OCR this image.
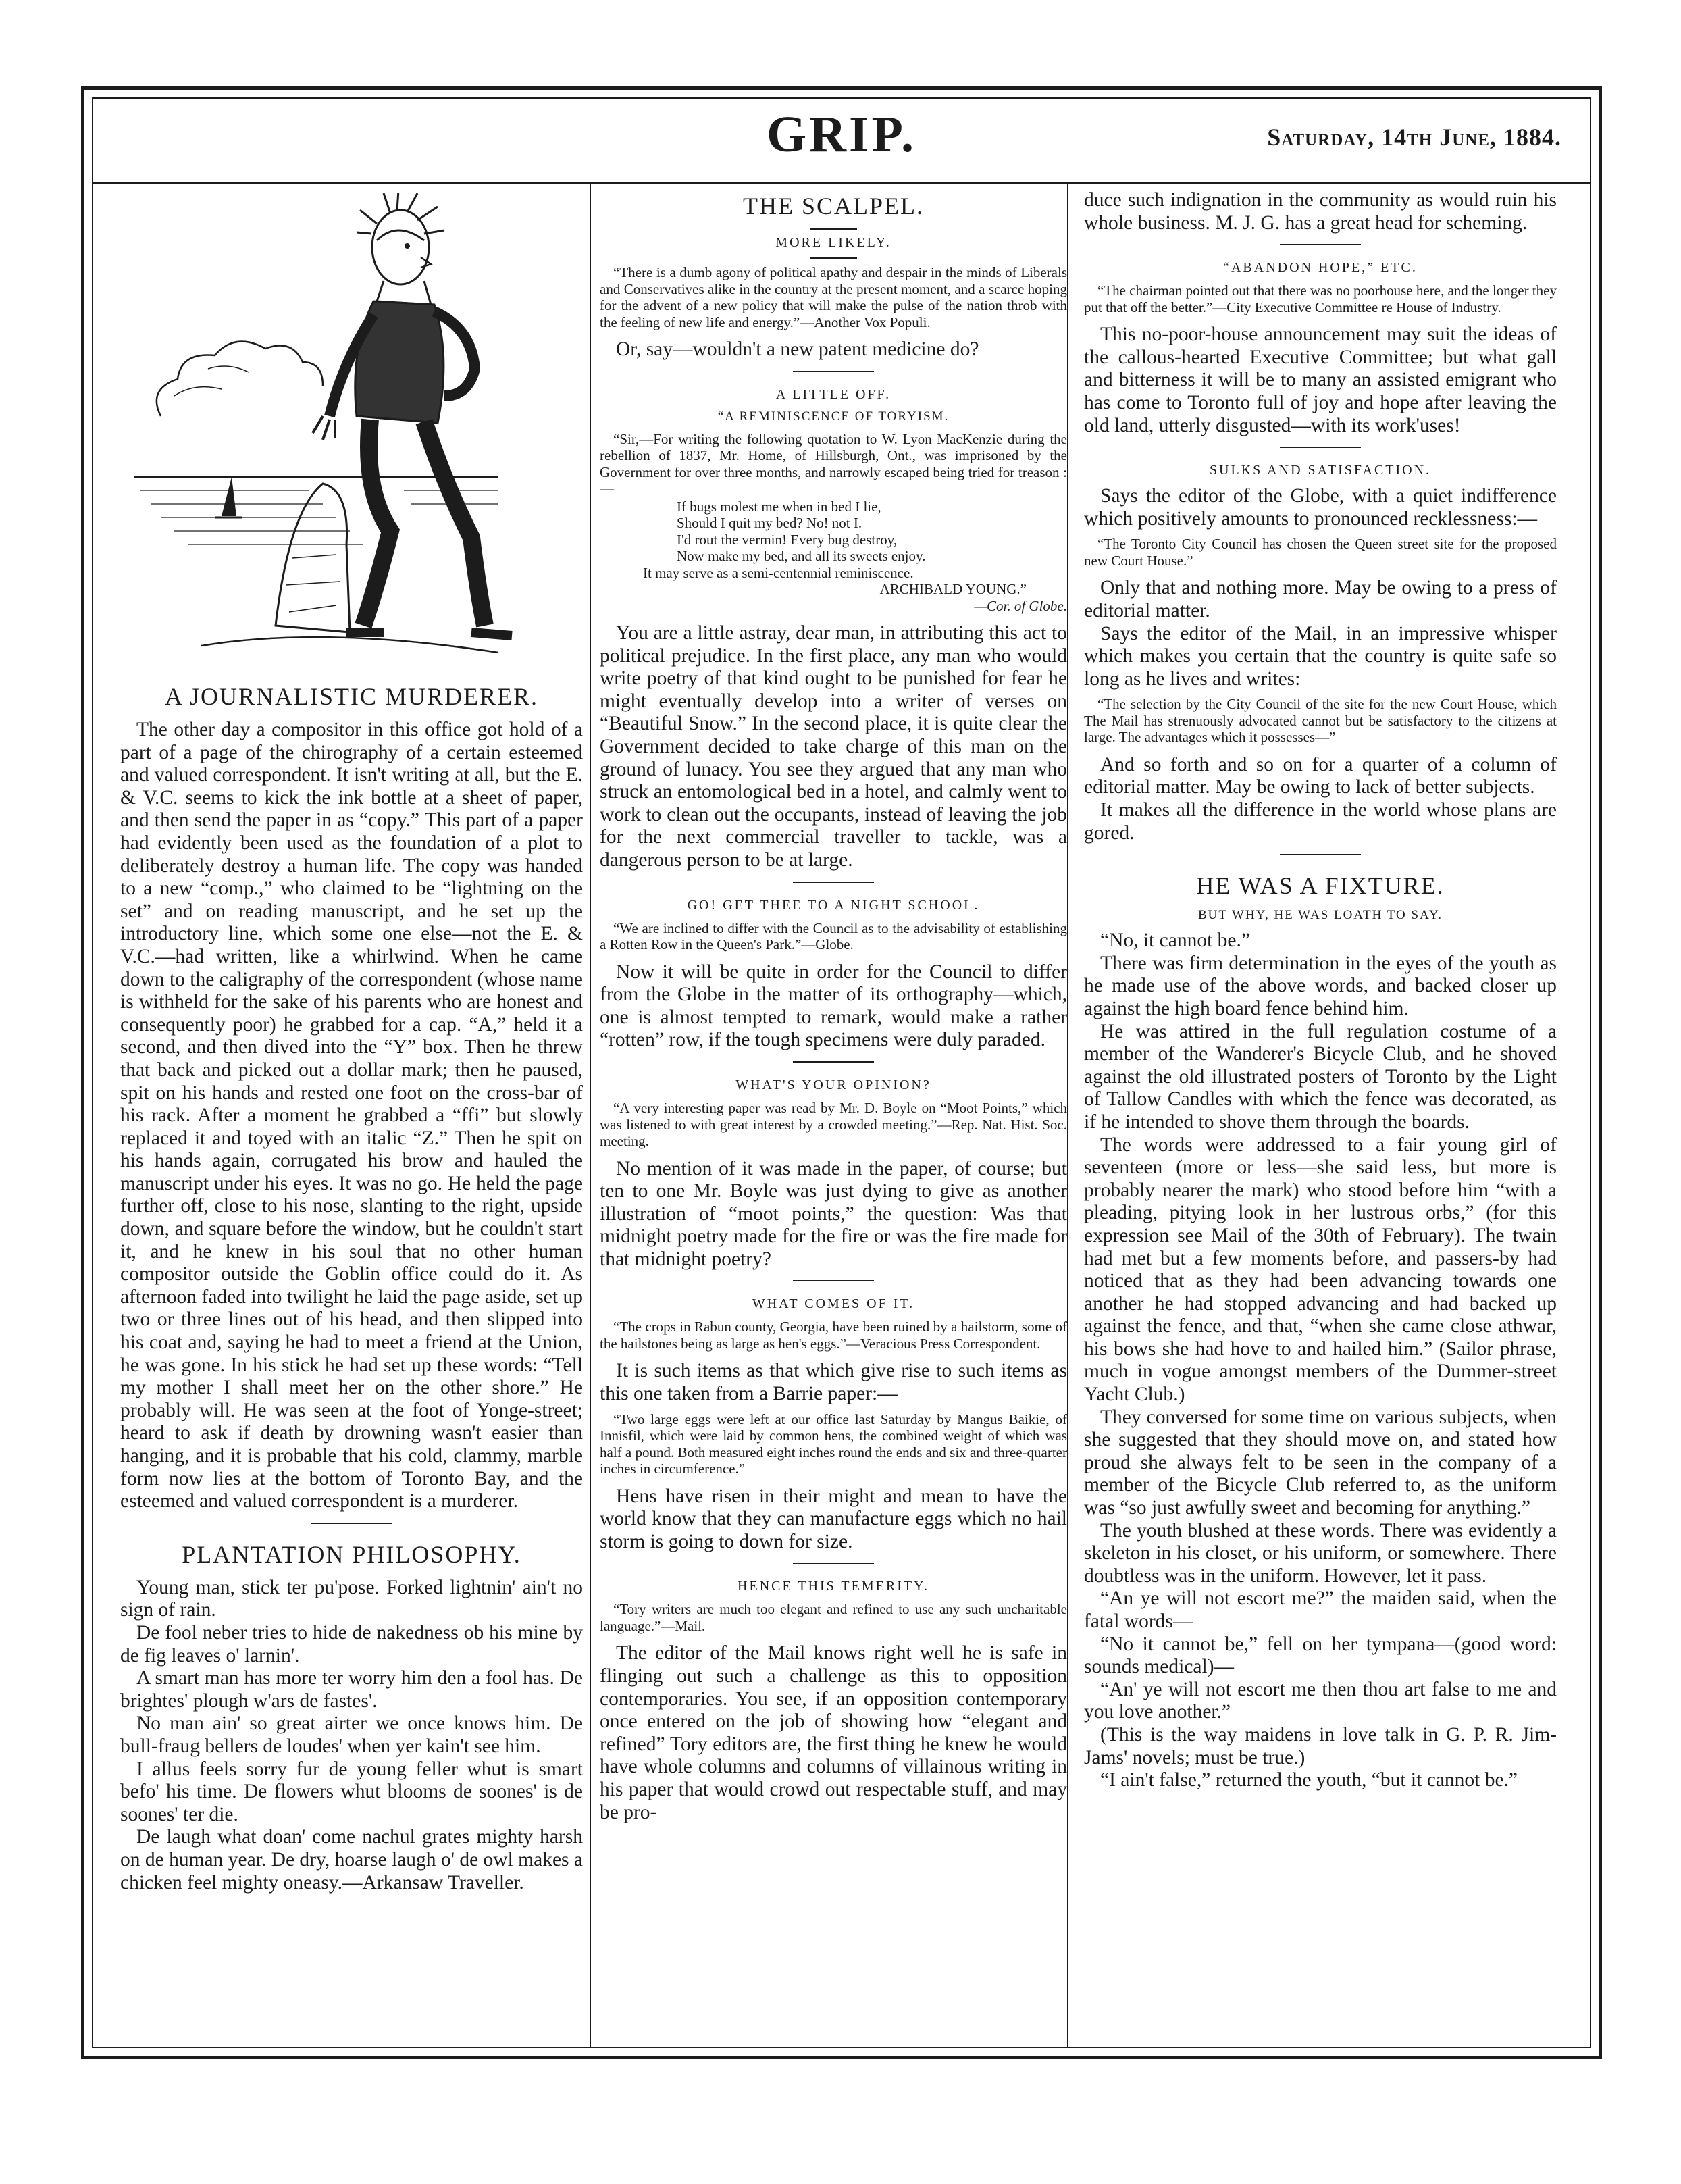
GRIP.	Saturday, 14th June, 1884.
A JOURNALISTIC MURDERER.

The other day a compositor in this office got hold of a part of a page of the chirography of a certain esteemed and valued correspondent. It isn't writing at all, but the E. & V.C. seems to kick the ink bottle at a sheet of paper, and then send the paper in as “copy.” This part of a paper had evidently been used as the foundation of a plot to deliberately destroy a human life. The copy was handed to a new “comp.,” who claimed to be “lightning on the set” and on reading manuscript, and he set up the introductory line, which some one else—not the E. & V.C.—had written, like a whirlwind. When he came down to the caligraphy of the correspondent (whose name is withheld for the sake of his parents who are honest and consequently poor) he grabbed for a cap. “A,” held it a second, and then dived into the “Y” box. Then he threw that back and picked out a dollar mark; then he paused, spit on his hands and rested one foot on the cross-bar of his rack. After a moment he grabbed a “ffi” but slowly replaced it and toyed with an italic “Z.” Then he spit on his hands again, corrugated his brow and hauled the manuscript under his eyes. It was no go. He held the page further off, close to his nose, slanting to the right, upside down, and square before the window, but he couldn't start it, and he knew in his soul that no other human compositor outside the Goblin office could do it. As afternoon faded into twilight he laid the page aside, set up two or three lines out of his head, and then slipped into his coat and, saying he had to meet a friend at the Union, he was gone. In his stick he had set up these words: “Tell my mother I shall meet her on the other shore.” He probably will. He was seen at the foot of Yonge-street; heard to ask if death by drowning wasn't easier than hanging, and it is probable that his cold, clammy, marble form now lies at the bottom of Toronto Bay, and the esteemed and valued correspondent is a murderer.

PLANTATION PHILOSOPHY.

Young man, stick ter pu'pose. Forked lightnin' ain't no sign of rain.

De fool neber tries to hide de nakedness ob his mine by de fig leaves o' larnin'.

A smart man has more ter worry him den a fool has. De brightes' plough w'ars de fastes'.

No man ain' so great airter we once knows him. De bull-fraug bellers de loudes' when yer kain't see him.

I allus feels sorry fur de young feller whut is smart befo' his time. De flowers whut blooms de soones' is de soones' ter die.

De laugh what doan' come nachul grates mighty harsh on de human year. De dry, hoarse laugh o' de owl makes a chicken feel mighty oneasy.—Arkansaw Traveller.

THE SCALPEL.
MORE LIKELY.

“There is a dumb agony of political apathy and despair in the minds of Liberals and Conservatives alike in the country at the present moment, and a scarce hoping for the advent of a new policy that will make the pulse of the nation throb with the feeling of new life and energy.”—Another Vox Populi.

Or, say—wouldn't a new patent medicine do?

A LITTLE OFF.
“A REMINISCENCE OF TORYISM.

“Sir,—For writing the following quotation to W. Lyon MacKenzie during the rebellion of 1837, Mr. Home, of Hillsburgh, Ont., was imprisoned by the Government for over three months, and narrowly escaped being tried for treason :—

If bugs molest me when in bed I lie,

Should I quit my bed? No! not I.

I'd rout the vermin! Every bug destroy,

Now make my bed, and all its sweets enjoy.

It may serve as a semi-centennial reminiscence.

ARCHIBALD YOUNG.”

—Cor. of Globe.

You are a little astray, dear man, in attributing this act to political prejudice. In the first place, any man who would write poetry of that kind ought to be punished for fear he might eventually develop into a writer of verses on “Beautiful Snow.” In the second place, it is quite clear the Government decided to take charge of this man on the ground of lunacy. You see they argued that any man who struck an entomological bed in a hotel, and calmly went to work to clean out the occupants, instead of leaving the job for the next commercial traveller to tackle, was a dangerous person to be at large.

GO! GET THEE TO A NIGHT SCHOOL.

“We are inclined to differ with the Council as to the advisability of establishing a Rotten Row in the Queen's Park.”—Globe.

Now it will be quite in order for the Council to differ from the Globe in the matter of its orthography—which, one is almost tempted to remark, would make a rather “rotten” row, if the tough specimens were duly paraded.

WHAT'S YOUR OPINION?

“A very interesting paper was read by Mr. D. Boyle on “Moot Points,” which was listened to with great interest by a crowded meeting.”—Rep. Nat. Hist. Soc. meeting.

No mention of it was made in the paper, of course; but ten to one Mr. Boyle was just dying to give as another illustration of “moot points,” the question: Was that midnight poetry made for the fire or was the fire made for that midnight poetry?

WHAT COMES OF IT.

“The crops in Rabun county, Georgia, have been ruined by a hailstorm, some of the hailstones being as large as hen's eggs.”—Veracious Press Correspondent.

It is such items as that which give rise to such items as this one taken from a Barrie paper:—

“Two large eggs were left at our office last Saturday by Mangus Baikie, of Innisfil, which were laid by common hens, the combined weight of which was half a pound. Both measured eight inches round the ends and six and three-quarter inches in circumference.”

Hens have risen in their might and mean to have the world know that they can manufacture eggs which no hail storm is going to down for size.

HENCE THIS TEMERITY.

“Tory writers are much too elegant and refined to use any such uncharitable language.”—Mail.

The editor of the Mail knows right well he is safe in flinging out such a challenge as this to opposition contemporaries. You see, if an opposition contemporary once entered on the job of showing how “elegant and refined” Tory editors are, the first thing he knew he would have whole columns and columns of villainous writing in his paper that would crowd out respectable stuff, and may be pro-

duce such indignation in the community as would ruin his whole business. M. J. G. has a great head for scheming.

“ABANDON HOPE,” ETC.

“The chairman pointed out that there was no poorhouse here, and the longer they put that off the better.”—City Executive Committee re House of Industry.

This no-poor-house announcement may suit the ideas of the callous-hearted Executive Committee; but what gall and bitterness it will be to many an assisted emigrant who has come to Toronto full of joy and hope after leaving the old land, utterly disgusted—with its work'uses!

SULKS AND SATISFACTION.

Says the editor of the Globe, with a quiet indifference which positively amounts to pronounced recklessness:—

“The Toronto City Council has chosen the Queen street site for the proposed new Court House.”

Only that and nothing more. May be owing to a press of editorial matter.

Says the editor of the Mail, in an impressive whisper which makes you certain that the country is quite safe so long as he lives and writes:

“The selection by the City Council of the site for the new Court House, which The Mail has strenuously advocated cannot but be satisfactory to the citizens at large. The advantages which it possesses—”

And so forth and so on for a quarter of a column of editorial matter. May be owing to lack of better subjects.

It makes all the difference in the world whose plans are gored.

HE WAS A FIXTURE.
BUT WHY, HE WAS LOATH TO SAY.

“No, it cannot be.”

There was firm determination in the eyes of the youth as he made use of the above words, and backed closer up against the high board fence behind him.

He was attired in the full regulation costume of a member of the Wanderer's Bicycle Club, and he shoved against the old illustrated posters of Toronto by the Light of Tallow Candles with which the fence was decorated, as if he intended to shove them through the boards.

The words were addressed to a fair young girl of seventeen (more or less—she said less, but more is probably nearer the mark) who stood before him “with a pleading, pitying look in her lustrous orbs,” (for this expression see Mail of the 30th of February). The twain had met but a few moments before, and passers-by had noticed that as they had been advancing towards one another he had stopped advancing and had backed up against the fence, and that, “when she came close athwar, his bows she had hove to and hailed him.” (Sailor phrase, much in vogue amongst members of the Dummer-street Yacht Club.)

They conversed for some time on various subjects, when she suggested that they should move on, and stated how proud she always felt to be seen in the company of a member of the Bicycle Club referred to, as the uniform was “so just awfully sweet and becoming for anything.”

The youth blushed at these words. There was evidently a skeleton in his closet, or his uniform, or somewhere. There doubtless was in the uniform. However, let it pass.

“An ye will not escort me?” the maiden said, when the fatal words—

“No it cannot be,” fell on her tympana—(good word: sounds medical)—

“An' ye will not escort me then thou art false to me and you love another.”

(This is the way maidens in love talk in G. P. R. Jim-Jams' novels; must be true.)

“I ain't false,” returned the youth, “but it cannot be.”
